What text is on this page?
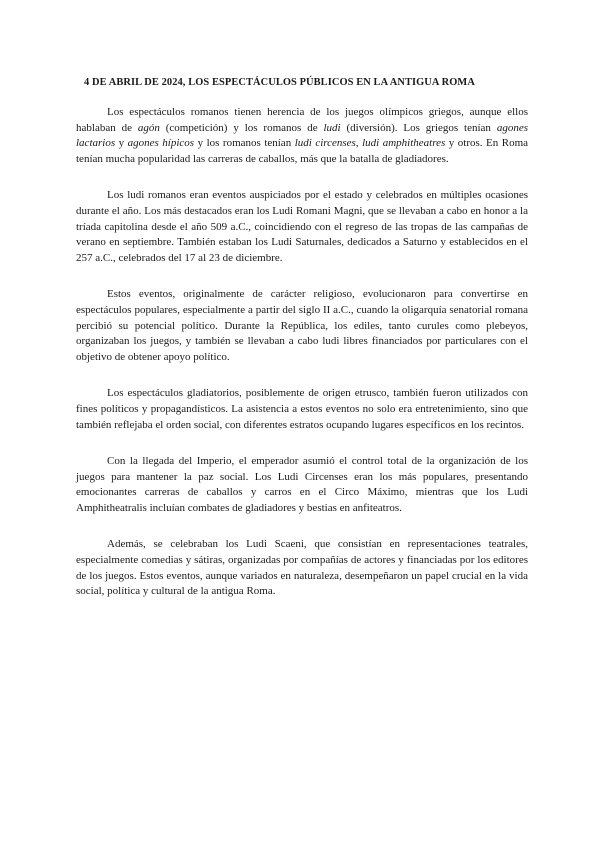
4 DE ABRIL DE 2024, LOS ESPECTÁCULOS PÚBLICOS EN LA ANTIGUA ROMA

Los espectáculos romanos tienen herencia de los juegos olímpicos griegos, aunque ellos hablaban de agón (competición) y los romanos de ludi (diversión). Los griegos tenían agones lactarios y agones hípicos y los romanos tenían ludi circenses, ludi amphitheatres y otros. En Roma tenían mucha popularidad las carreras de caballos, más que la batalla de gladiadores.

Los ludi romanos eran eventos auspiciados por el estado y celebrados en múltiples ocasiones durante el año. Los más destacados eran los Ludi Romani Magni, que se llevaban a cabo en honor a la tríada capitolina desde el año 509 a.C., coincidiendo con el regreso de las tropas de las campañas de verano en septiembre. También estaban los Ludi Saturnales, dedicados a Saturno y establecidos en el 257 a.C., celebrados del 17 al 23 de diciembre.

Estos eventos, originalmente de carácter religioso, evolucionaron para convertirse en espectáculos populares, especialmente a partir del siglo II a.C., cuando la oligarquía senatorial romana percibió su potencial político. Durante la República, los ediles, tanto curules como plebeyos, organizaban los juegos, y también se llevaban a cabo ludi libres financiados por particulares con el objetivo de obtener apoyo político.

Los espectáculos gladiatorios, posiblemente de origen etrusco, también fueron utilizados con fines políticos y propagandísticos. La asistencia a estos eventos no solo era entretenimiento, sino que también reflejaba el orden social, con diferentes estratos ocupando lugares específicos en los recintos.

Con la llegada del Imperio, el emperador asumió el control total de la organización de los juegos para mantener la paz social. Los Ludi Circenses eran los más populares, presentando emocionantes carreras de caballos y carros en el Circo Máximo, mientras que los Ludi Amphitheatralis incluían combates de gladiadores y bestias en anfiteatros.

Además, se celebraban los Ludi Scaeni, que consistían en representaciones teatrales, especialmente comedias y sátiras, organizadas por compañías de actores y financiadas por los editores de los juegos. Estos eventos, aunque variados en naturaleza, desempeñaron un papel crucial en la vida social, política y cultural de la antigua Roma.
